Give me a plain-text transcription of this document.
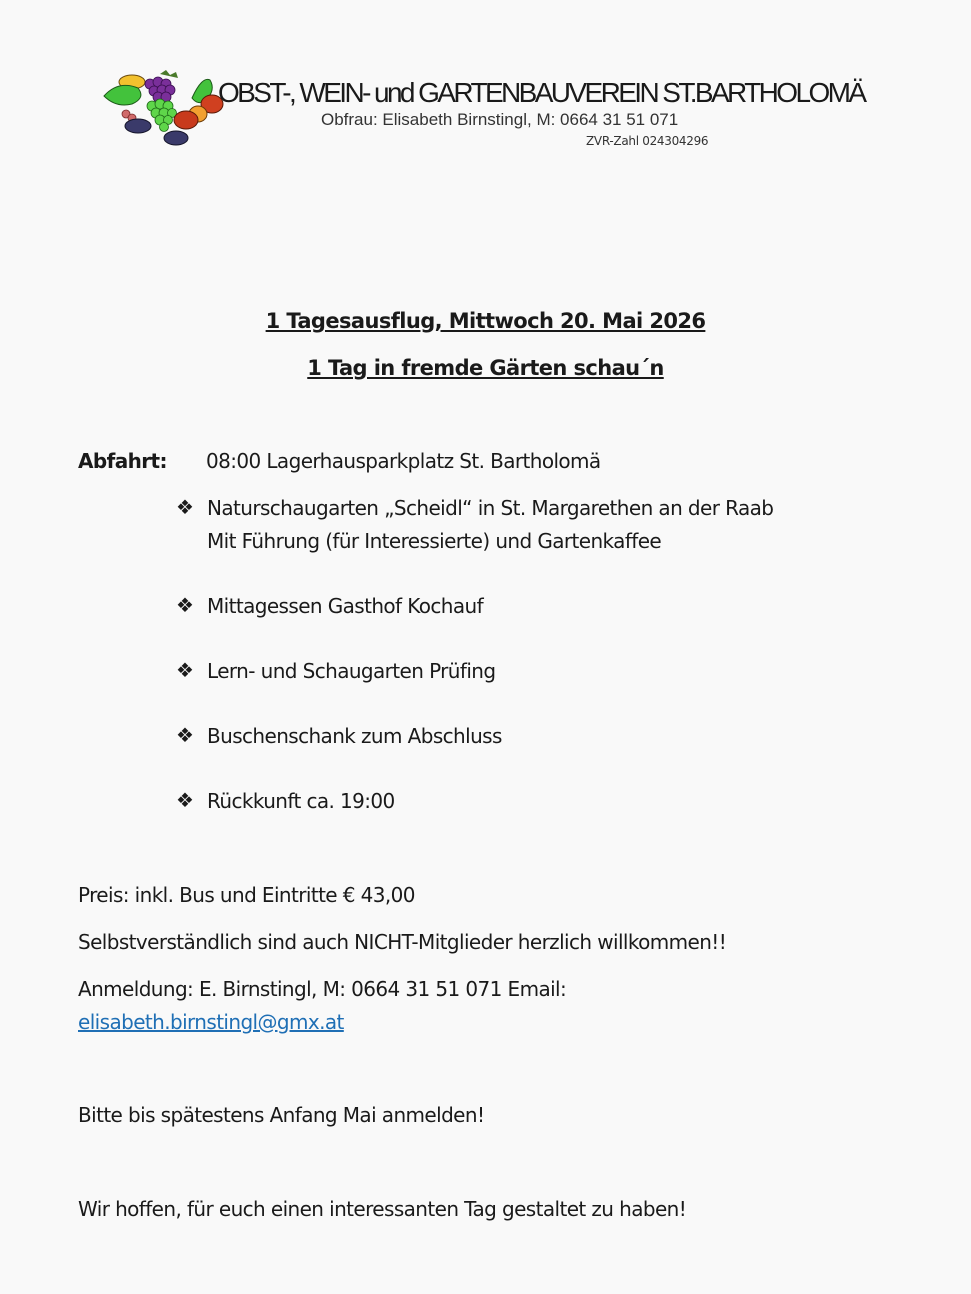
OBST-, WEIN- und GARTENBAUVEREIN ST.BARTHOLOMÄ
Obfrau: Elisabeth Birnstingl, M: 0664 31 51 071
ZVR-Zahl 024304296
1 Tagesausflug, Mittwoch 20. Mai 2026
1 Tag in fremde Gärten schau´n
Abfahrt: 08:00 Lagerhausparkplatz St. Bartholomä
❖ Naturschaugarten „Scheidl“ in St. Margarethen an der Raab
Mit Führung (für Interessierte) und Gartenkaffee
❖ Mittagessen Gasthof Kochauf
❖ Lern- und Schaugarten Prüfing
❖ Buschenschank zum Abschluss
❖ Rückkunft ca. 19:00
Preis: inkl. Bus und Eintritte € 43,00
Selbstverständlich sind auch NICHT-Mitglieder herzlich willkommen!!
Anmeldung: E. Birnstingl, M: 0664 31 51 071 Email:
elisabeth.birnstingl@gmx.at
Bitte bis spätestens Anfang Mai anmelden!
Wir hoffen, für euch einen interessanten Tag gestaltet zu haben!
